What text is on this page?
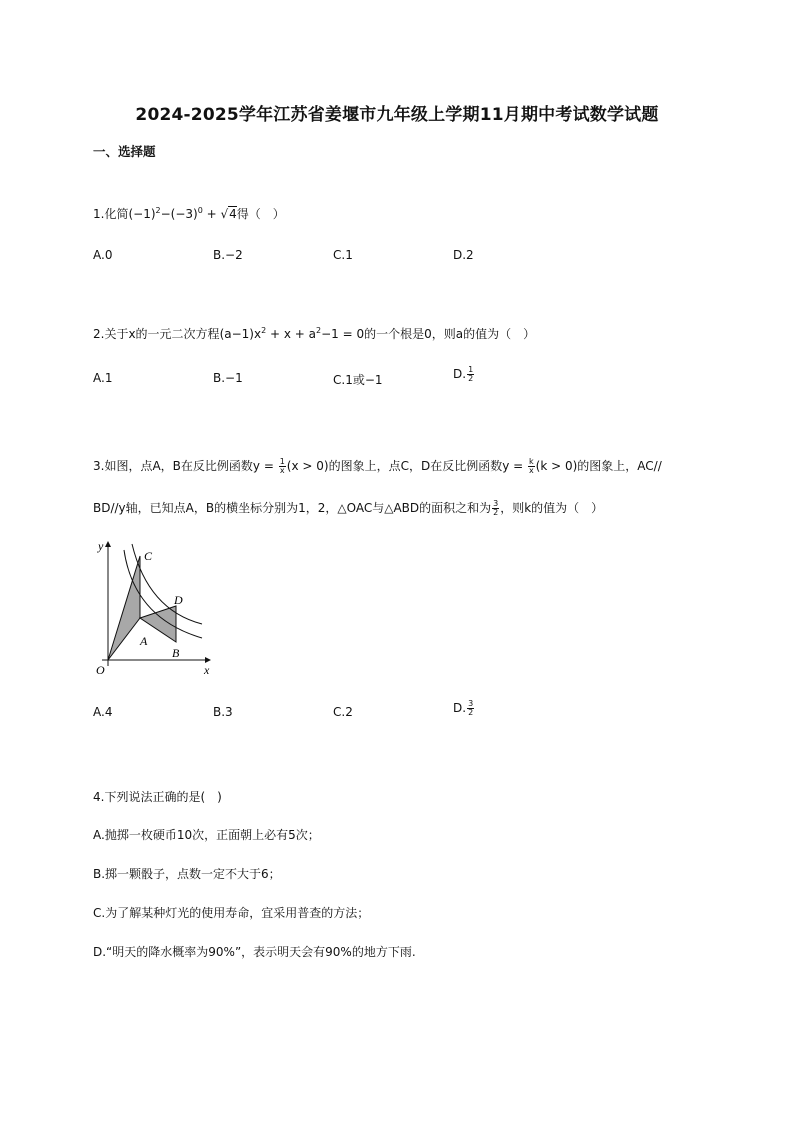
2024-2025学年江苏省姜堰市九年级上学期11月期中考试数学试题
一、选择题
1.化简$(-1)^2-(-3)^0 + √4$得（　）
A.0	B.−2	C.1	D.2
2.关于x的一元二次方程$(a-1)x^2 + x + a^2-1 = 0$的一个根是0，则a的值为（　）
A.1	B.−1	C.1或−1	D. $\frac{1}{2}$
3.如图，点A，B在反比例函数$y = \frac{1}{x} (x > 0)$的图象上，点C，D在反比例函数$y = \frac{k}{x} (k > 0)$的图象上，AC//
BD//y轴，已知点A，B的横坐标分别为1，2，△OAC与△ABD的面积之和为 $\frac{3}{2}$ ，则k的值为（　）
y
x
O
C
D
A
B
A.4	B.3	C.2	D. $\frac{3}{2}$
4.下列说法正确的是(　)
A.抛掷一枚硬币10次，正面朝上必有5次；
B.掷一颗骰子，点数一定不大于6；
C.为了解某种灯光的使用寿命，宜采用普查的方法；
D.“明天的降水概率为90%”，表示明天会有90%的地方下雨.
